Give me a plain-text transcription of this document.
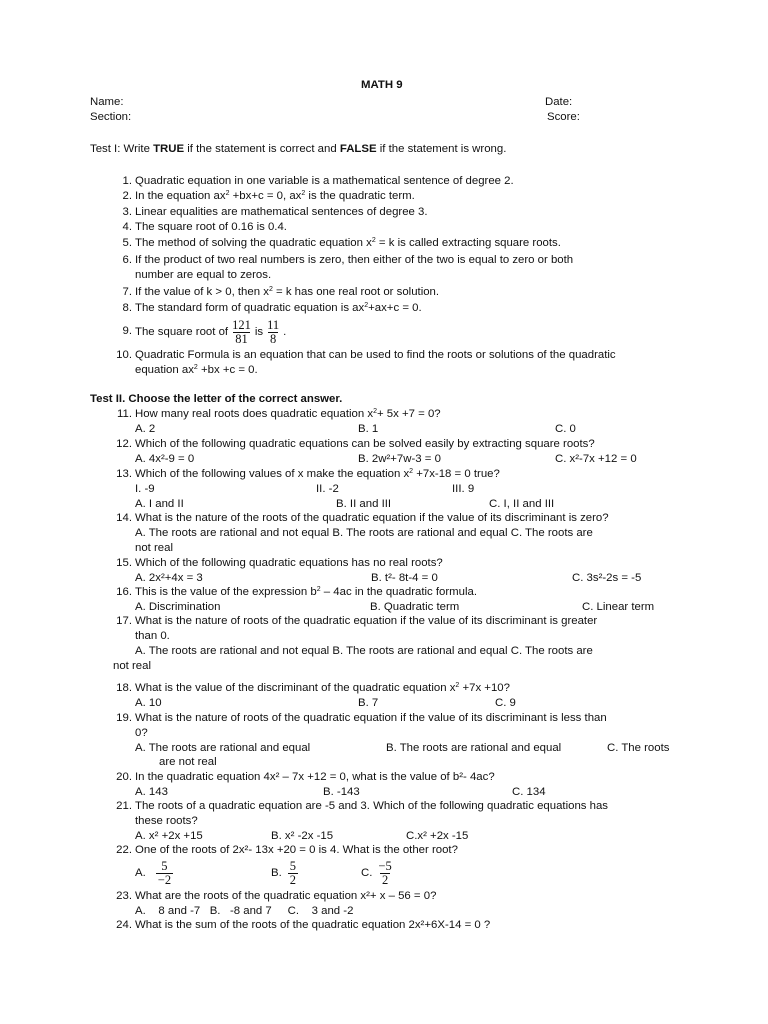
MATH 9
Name:	Date:
Section:	Score:
Test I: Write TRUE if the statement is correct and FALSE if the statement is wrong.
1. Quadratic equation in one variable is a mathematical sentence of degree 2.
2. In the equation $ax^2 +bx+c = 0$, $ax^2$ is the quadratic term.
3. Linear equalities are mathematical sentences of degree 3.
4. The square root of 0.16 is 0.4.
5. The method of solving the quadratic equation $x^2 = k$ is called extracting square roots.
6. If the product of two real numbers is zero, then either of the two is equal to zero or both
number are equal to zeros.
7. If the value of k > 0, then $x^2 = k$ has one real root or solution.
8. The standard form of quadratic equation is $ax^2+ax+c = 0$.
9. The square root of $\frac{121}{81}$ is $\frac{11}{8}$ .
10. Quadratic Formula is an equation that can be used to find the roots or solutions of the quadratic
equation $ax^2 +bx +c = 0$.
Test II. Choose the letter of the correct answer.
11. How many real roots does quadratic equation $x^2+ 5x +7 = 0$?
A. 2	B. 1	C. 0
12. Which of the following quadratic equations can be solved easily by extracting square roots?
A. 4x²-9 = 0	B. 2w²+7w-3 = 0	C. x²-7x +12 = 0
13. Which of the following values of x make the equation $x^2 +7x-18 = 0$ true?
I. -9	II. -2	III. 9
A. I and II	B. II and III	C. I, II and III
14. What is the nature of the roots of the quadratic equation if the value of its discriminant is zero?
A. The roots are rational and not equal B. The roots are rational and equal C. The roots are
not real
15. Which of the following quadratic equations has no real roots?
A. 2x²+4x = 3	B. t²- 8t-4 = 0	C. 3s²-2s = -5
16. This is the value of the expression $b^2 - 4ac$ in the quadratic formula.
A. Discrimination	B. Quadratic term	C. Linear term
17. What is the nature of roots of the quadratic equation if the value of its discriminant is greater
than 0.
A. The roots are rational and not equal B. The roots are rational and equal C. The roots are
not real
18. What is the value of the discriminant of the quadratic equation $x^2 +7x +10$?
A. 10	B. 7	C. 9
19. What is the nature of roots of the quadratic equation if the value of its discriminant is less than
0?
A. The roots are rational and equal	B. The roots are rational and equal	C. The roots
are not real
20. In the quadratic equation 4x² – 7x +12 = 0, what is the value of b²- 4ac?
A. 143	B. -143	C. 134
21. The roots of a quadratic equation are -5 and 3. Which of the following quadratic equations has
these roots?
A. x² +2x +15	B. x² -2x -15	C.x² +2x -15
22. One of the roots of 2x²- 13x +20 = 0 is 4. What is the other root?
A. $\frac{5}{-2}$	B. $\frac{5}{2}$	C. $\frac{-5}{2}$
23. What are the roots of the quadratic equation x²+ x – 56 = 0?
A.    8 and -7   B.   -8 and 7     C.    3 and -2
24. What is the sum of the roots of the quadratic equation 2x²+6X-14 = 0 ?
